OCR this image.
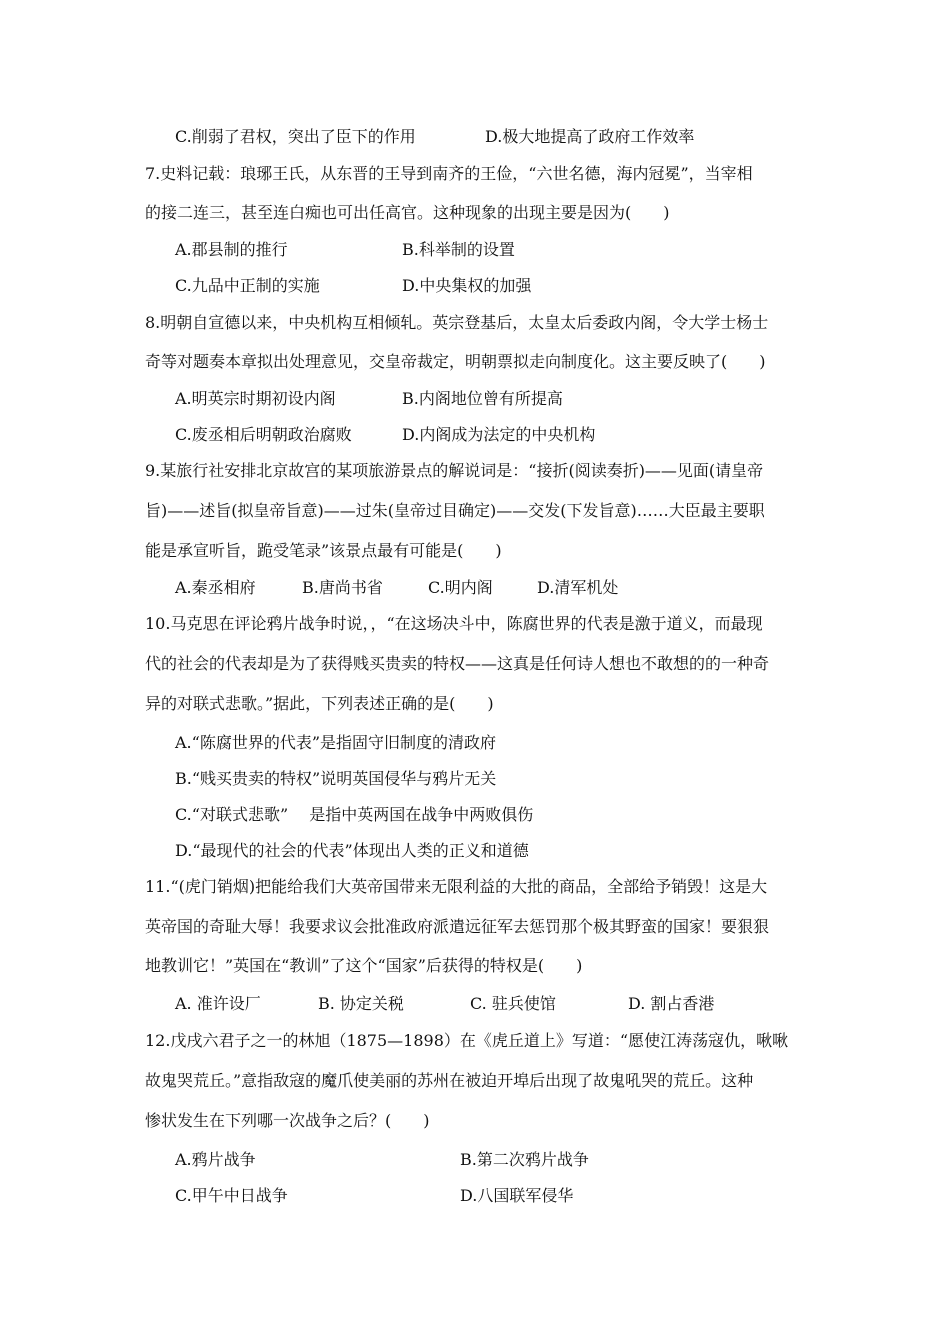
C.削弱了君权，突出了臣下的作用	D.极大地提高了政府工作效率
7.史料记载：琅琊王氏，从东晋的王导到南齐的王俭，“六世名德，海内冠冕”，当宰相
的接二连三，甚至连白痴也可出任高官。这种现象的出现主要是因为(　　)
A.郡县制的推行	B.科举制的设置
C.九品中正制的实施	D.中央集权的加强
8.明朝自宣德以来，中央机构互相倾轧。英宗登基后，太皇太后委政内阁，令大学士杨士
奇等对题奏本章拟出处理意见，交皇帝裁定，明朝票拟走向制度化。这主要反映了(　　)
A.明英宗时期初设内阁	B.内阁地位曾有所提高
C.废丞相后明朝政治腐败	D.内阁成为法定的中央机构
9.某旅行社安排北京故宫的某项旅游景点的解说词是：“接折(阅读奏折)——见面(请皇帝
旨)——述旨(拟皇帝旨意)——过朱(皇帝过目确定)——交发(下发旨意)……大臣最主要职
能是承宣听旨，跪受笔录”该景点最有可能是(　　)
A.秦丞相府	B.唐尚书省	C.明内阁	D.清军机处
10.马克思在评论鸦片战争时说，，“在这场决斗中，陈腐世界的代表是激于道义，而最现
代的社会的代表却是为了获得贱买贵卖的特权——这真是任何诗人想也不敢想的的一种奇
异的对联式悲歌。”据此，下列表述正确的是(　　)
A.“陈腐世界的代表”是指固守旧制度的清政府
B.“贱买贵卖的特权”说明英国侵华与鸦片无关
C.“对联式悲歌”　 是指中英两国在战争中两败俱伤
D.“最现代的社会的代表”体现出人类的正义和道德
11.“(虎门销烟)把能给我们大英帝国带来无限利益的大批的商品，全部给予销毁！这是大
英帝国的奇耻大辱！我要求议会批准政府派遣远征军去惩罚那个极其野蛮的国家！要狠狠
地教训它！”英国在“教训”了这个“国家”后获得的特权是(　　)
A. 准许设厂	B. 协定关税	C. 驻兵使馆	D. 割占香港
12.戊戌六君子之一的林旭（1875—1898）在《虎丘道上》写道：“愿使江涛荡寇仇，啾啾
故鬼哭荒丘。”意指敌寇的魔爪使美丽的苏州在被迫开埠后出现了故鬼吼哭的荒丘。这种
惨状发生在下列哪一次战争之后？(　　)
A.鸦片战争	B.第二次鸦片战争
C.甲午中日战争	D.八国联军侵华
